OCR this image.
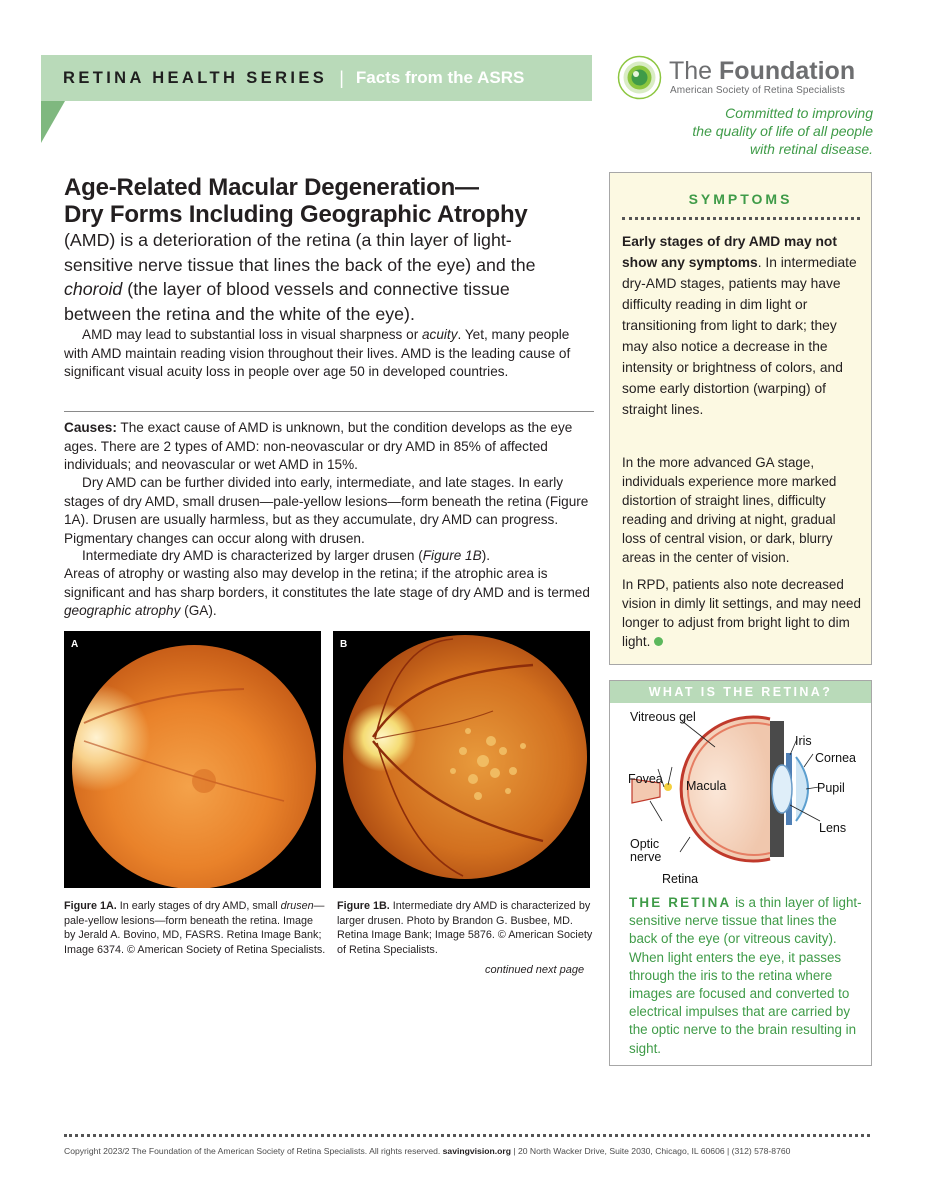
RETINA HEALTH SERIES | Facts from the ASRS	The Foundation
American Society of Retina Specialists
Committed to improving
the quality of life of all people
with retinal disease.
Age-Related Macular Degeneration—
Dry Forms Including Geographic Atrophy
(AMD) is a deterioration of the retina (a thin layer of light-
sensitive nerve tissue that lines the back of the eye) and the
choroid (the layer of blood vessels and connective tissue
between the retina and the white of the eye).

AMD may lead to substantial loss in visual sharpness or acuity. Yet, many people with AMD maintain reading vision throughout their lives. AMD is the leading cause of significant visual acuity loss in people over age 50 in developed countries.

Causes: The exact cause of AMD is unknown, but the condition develops as the eye ages. There are 2 types of AMD: non-neovascular or dry AMD in 85% of affected individuals; and neovascular or wet AMD in 15%.

Dry AMD can be further divided into early, intermediate, and late stages. In early stages of dry AMD, small drusen—pale-yellow lesions—form beneath the retina (Figure 1A). Drusen are usually harmless, but as they accumulate, dry AMD can progress. Pigmentary changes can occur along with drusen.

Intermediate dry AMD is characterized by larger drusen (Figure 1B).

Areas of atrophy or wasting also may develop in the retina; if the atrophic area is significant and has sharp borders, it constitutes the late stage of dry AMD and is termed geographic atrophy (GA).

A	B

Figure 1A. In early stages of dry AMD, small drusen—pale-yellow lesions—form beneath the retina. Image by Jerald A. Bovino, MD, FASRS. Retina Image Bank; Image 6374. © American Society of Retina Specialists.

Figure 1B. Intermediate dry AMD is characterized by larger drusen. Photo by Brandon G. Busbee, MD. Retina Image Bank; Image 5876. © American Society of Retina Specialists.

continued next page
SYMPTOMS

Early stages of dry AMD may not show any symptoms. In intermediate dry-AMD stages, patients may have difficulty reading in dim light or transitioning from light to dark; they may also notice a decrease in the intensity or brightness of colors, and some early distortion (warping) of straight lines.

In the more advanced GA stage, individuals experience more marked distortion of straight lines, difficulty reading and driving at night, gradual loss of central vision, or dark, blurry areas in the center of vision.

In RPD, patients also note decreased vision in dimly lit settings, and may need longer to adjust from bright light to dim light.

WHAT IS THE RETINA?
Vitreous gel
Iris
Cornea
Fovea Macula	Pupil
Lens
Optic
nerve
Retina

THE RETINA is a thin layer of light-sensitive nerve tissue that lines the back of the eye (or vitreous cavity). When light enters the eye, it passes through the iris to the retina where images are focused and converted to electrical impulses that are carried by the optic nerve to the brain resulting in sight.

Copyright 2023/2 The Foundation of the American Society of Retina Specialists. All rights reserved. savingvision.org | 20 North Wacker Drive, Suite 2030, Chicago, IL 60606 | (312) 578-8760
